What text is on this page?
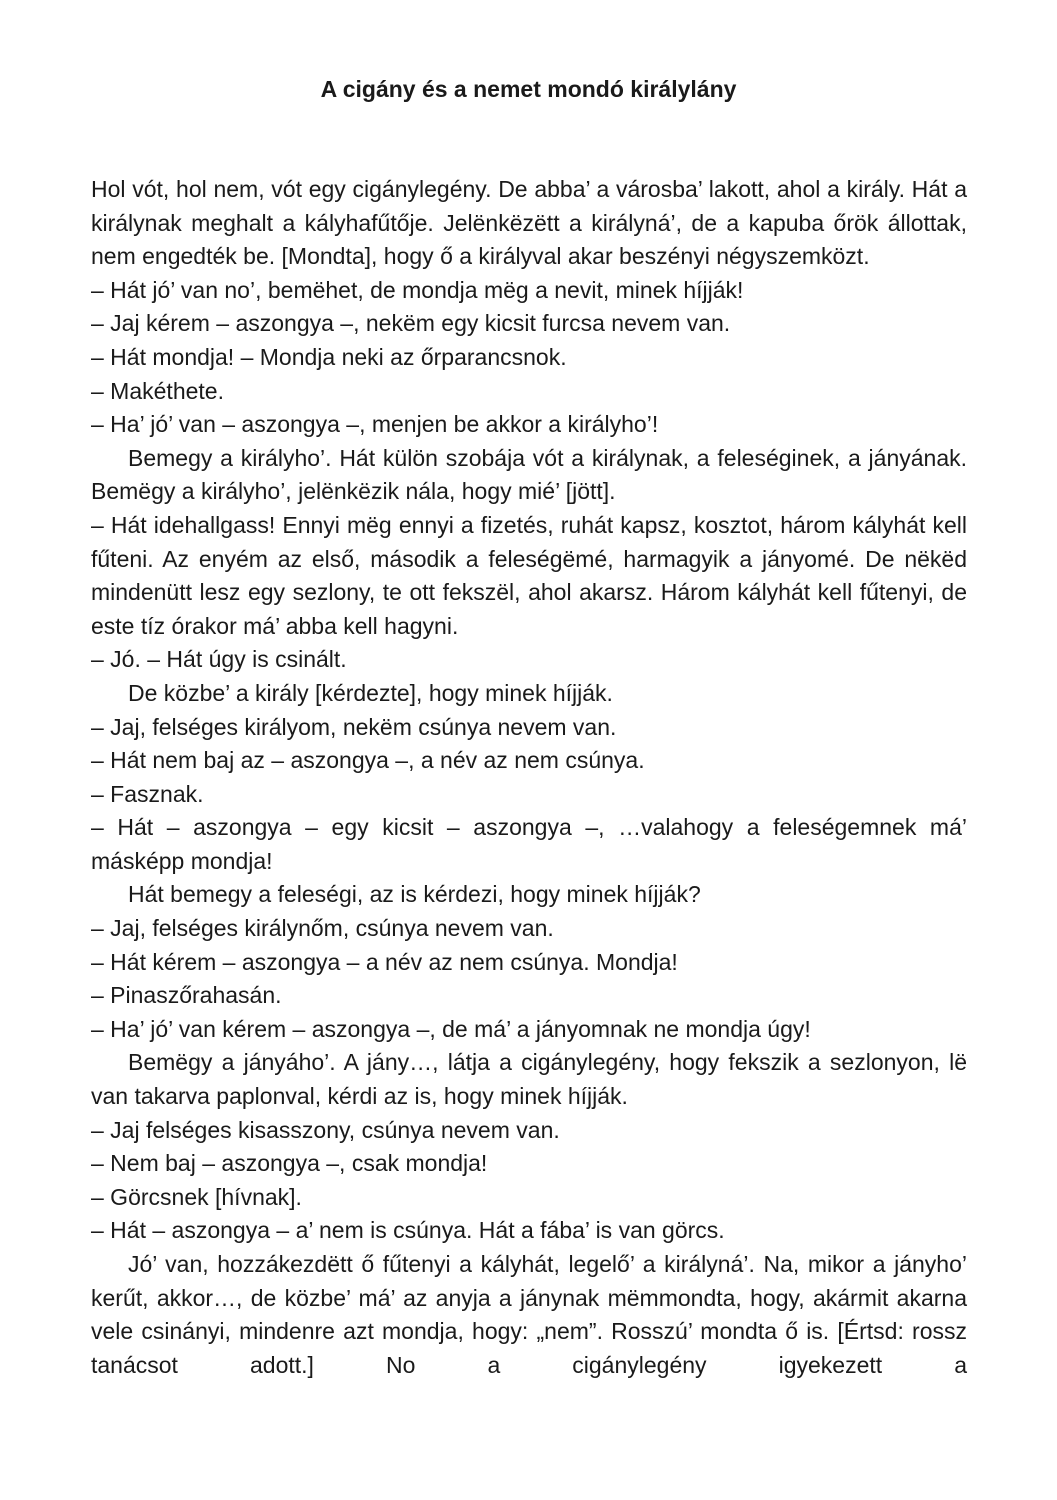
A cigány és a nemet mondó királylány

Hol vót, hol nem, vót egy cigánylegény. De abba’ a városba’ lakott, ahol a király. Hát a királynak meghalt a kályhafűtője. Jelënkëzëtt a királyná’, de a kapuba őrök állottak, nem engedték be. [Mondta], hogy ő a királyval akar beszényi négyszemközt.

– Hát jó’ van no’, bemëhet, de mondja mëg a nevit, minek híjják!

– Jaj kérem – aszongya –, nekëm egy kicsit furcsa nevem van.

– Hát mondja! – Mondja neki az őrparancsnok.

– Makéthete.

– Ha’ jó’ van – aszongya –, menjen be akkor a királyho’!

Bemegy a királyho’. Hát külön szobája vót a királynak, a feleséginek, a jányának. Bemëgy a királyho’, jelënkëzik nála, hogy mié’ [jött].

– Hát idehallgass! Ennyi mëg ennyi a fizetés, ruhát kapsz, kosztot, három kályhát kell fűteni. Az enyém az első, második a feleségëmé, harmagyik a jányomé. De nëkëd mindenütt lesz egy sezlony, te ott fekszël, ahol akarsz. Három kályhát kell fűtenyi, de este tíz órakor má’ abba kell hagyni.

– Jó. – Hát úgy is csinált.

De közbe’ a király [kérdezte], hogy minek híjják.

– Jaj, felséges királyom, nekëm csúnya nevem van.

– Hát nem baj az – aszongya –, a név az nem csúnya.

– Fasznak.

– Hát – aszongya – egy kicsit – aszongya –, …valahogy a feleségemnek má’ másképp mondja!

Hát bemegy a feleségi, az is kérdezi, hogy minek híjják?

– Jaj, felséges királynőm, csúnya nevem van.

– Hát kérem – aszongya – a név az nem csúnya. Mondja!

– Pinaszőrahasán.

– Ha’ jó’ van kérem – aszongya –, de má’ a jányomnak ne mondja úgy!

Bemëgy a jányáho’. A jány…, látja a cigánylegény, hogy fekszik a sezlonyon, lë van takarva paplonval, kérdi az is, hogy minek híjják.

– Jaj felséges kisasszony, csúnya nevem van.

– Nem baj – aszongya –, csak mondja!

– Görcsnek [hívnak].

– Hát – aszongya – a’ nem is csúnya. Hát a fába’ is van görcs.

Jó’ van, hozzákezdëtt ő fűtenyi a kályhát, legelő’ a királyná’. Na, mikor a jányho’ kerűt, akkor…, de közbe’ má’ az anyja a jánynak mëmmondta, hogy, akármit akarna vele csinányi, mindenre azt mondja, hogy: „nem”. Rosszú’ mondta ő is. [Értsd: rossz tanácsot adott.] No a cigánylegény igyekezett a
